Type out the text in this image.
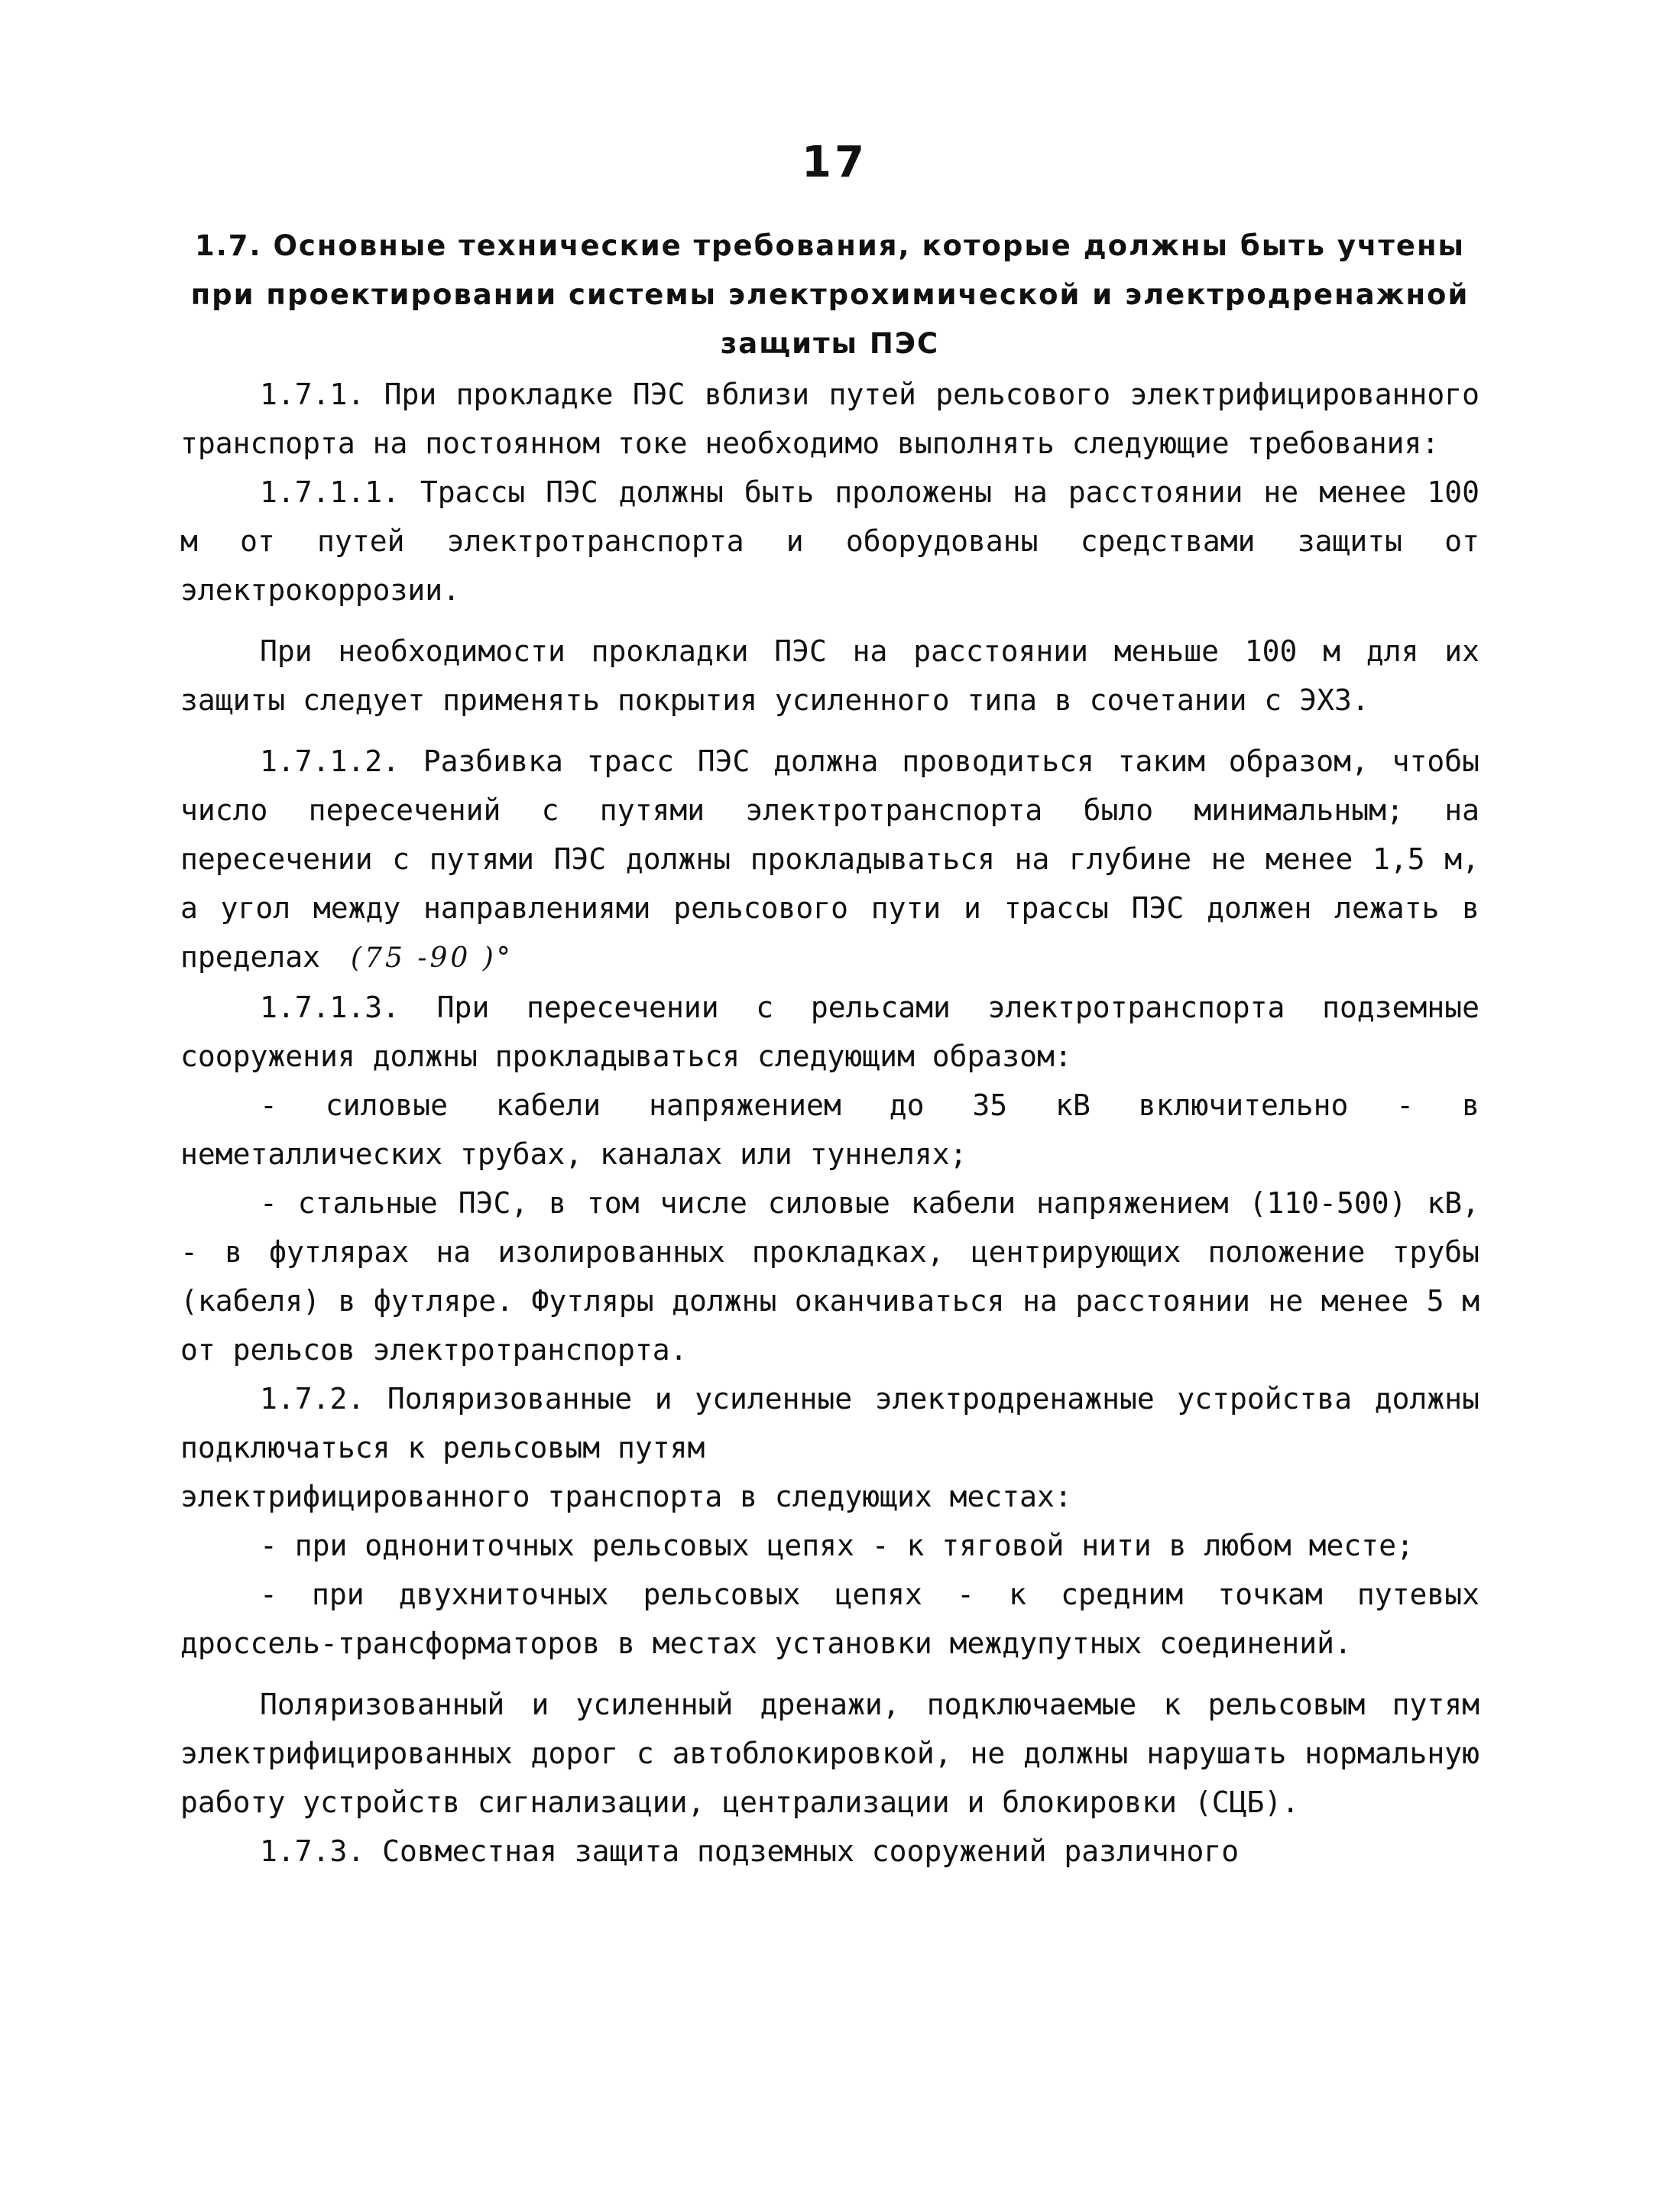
17
1.7. Основные технические требования, которые должны быть учтены
при проектировании системы электрохимической и электродренажной
защиты ПЭС

1.7.1. При прокладке ПЭС вблизи путей рельсового электрифицированного транспорта на постоянном токе необходимо выполнять следующие требования:

1.7.1.1. Трассы ПЭС должны быть проложены на расстоянии не менее 100 м от путей электротранспорта и оборудованы средствами защиты от электрокоррозии.

При необходимости прокладки ПЭС на расстоянии меньше 100 м для их защиты следует применять покрытия усиленного типа в сочетании с ЭХЗ.

1.7.1.2. Разбивка трасс ПЭС должна проводиться таким образом, чтобы число пересечений с путями электротранспорта было минимальным; на пересечении с путями ПЭС должны прокладываться на глубине не менее 1,5 м, а угол между направлениями рельсового пути и трассы ПЭС должен лежать в пределах (75 -90 )°

1.7.1.3. При пересечении с рельсами электротранспорта подземные сооружения должны прокладываться следующим образом:

- силовые кабели напряжением до 35 кВ включительно - в неметаллических трубах, каналах или туннелях;

- стальные ПЭС, в том числе силовые кабели напряжением (110-500) кВ, - в футлярах на изолированных прокладках, центрирующих положение трубы (кабеля) в футляре. Футляры должны оканчиваться на расстоянии не менее 5 м от рельсов электротранспорта.

1.7.2. Поляризованные и усиленные электродренажные устройства должны подключаться к рельсовым путям

электрифицированного транспорта в следующих местах:

- при однониточных рельсовых цепях - к тяговой нити в любом месте;

- при двухниточных рельсовых цепях - к средним точкам путевых дроссель-трансформаторов в местах установки междупутных соединений.

Поляризованный и усиленный дренажи, подключаемые к рельсовым путям электрифицированных дорог с автоблокировкой, не должны нарушать нормальную работу устройств сигнализации, централизации и блокировки (СЦБ).

1.7.3. Совместная защита подземных сооружений различного
